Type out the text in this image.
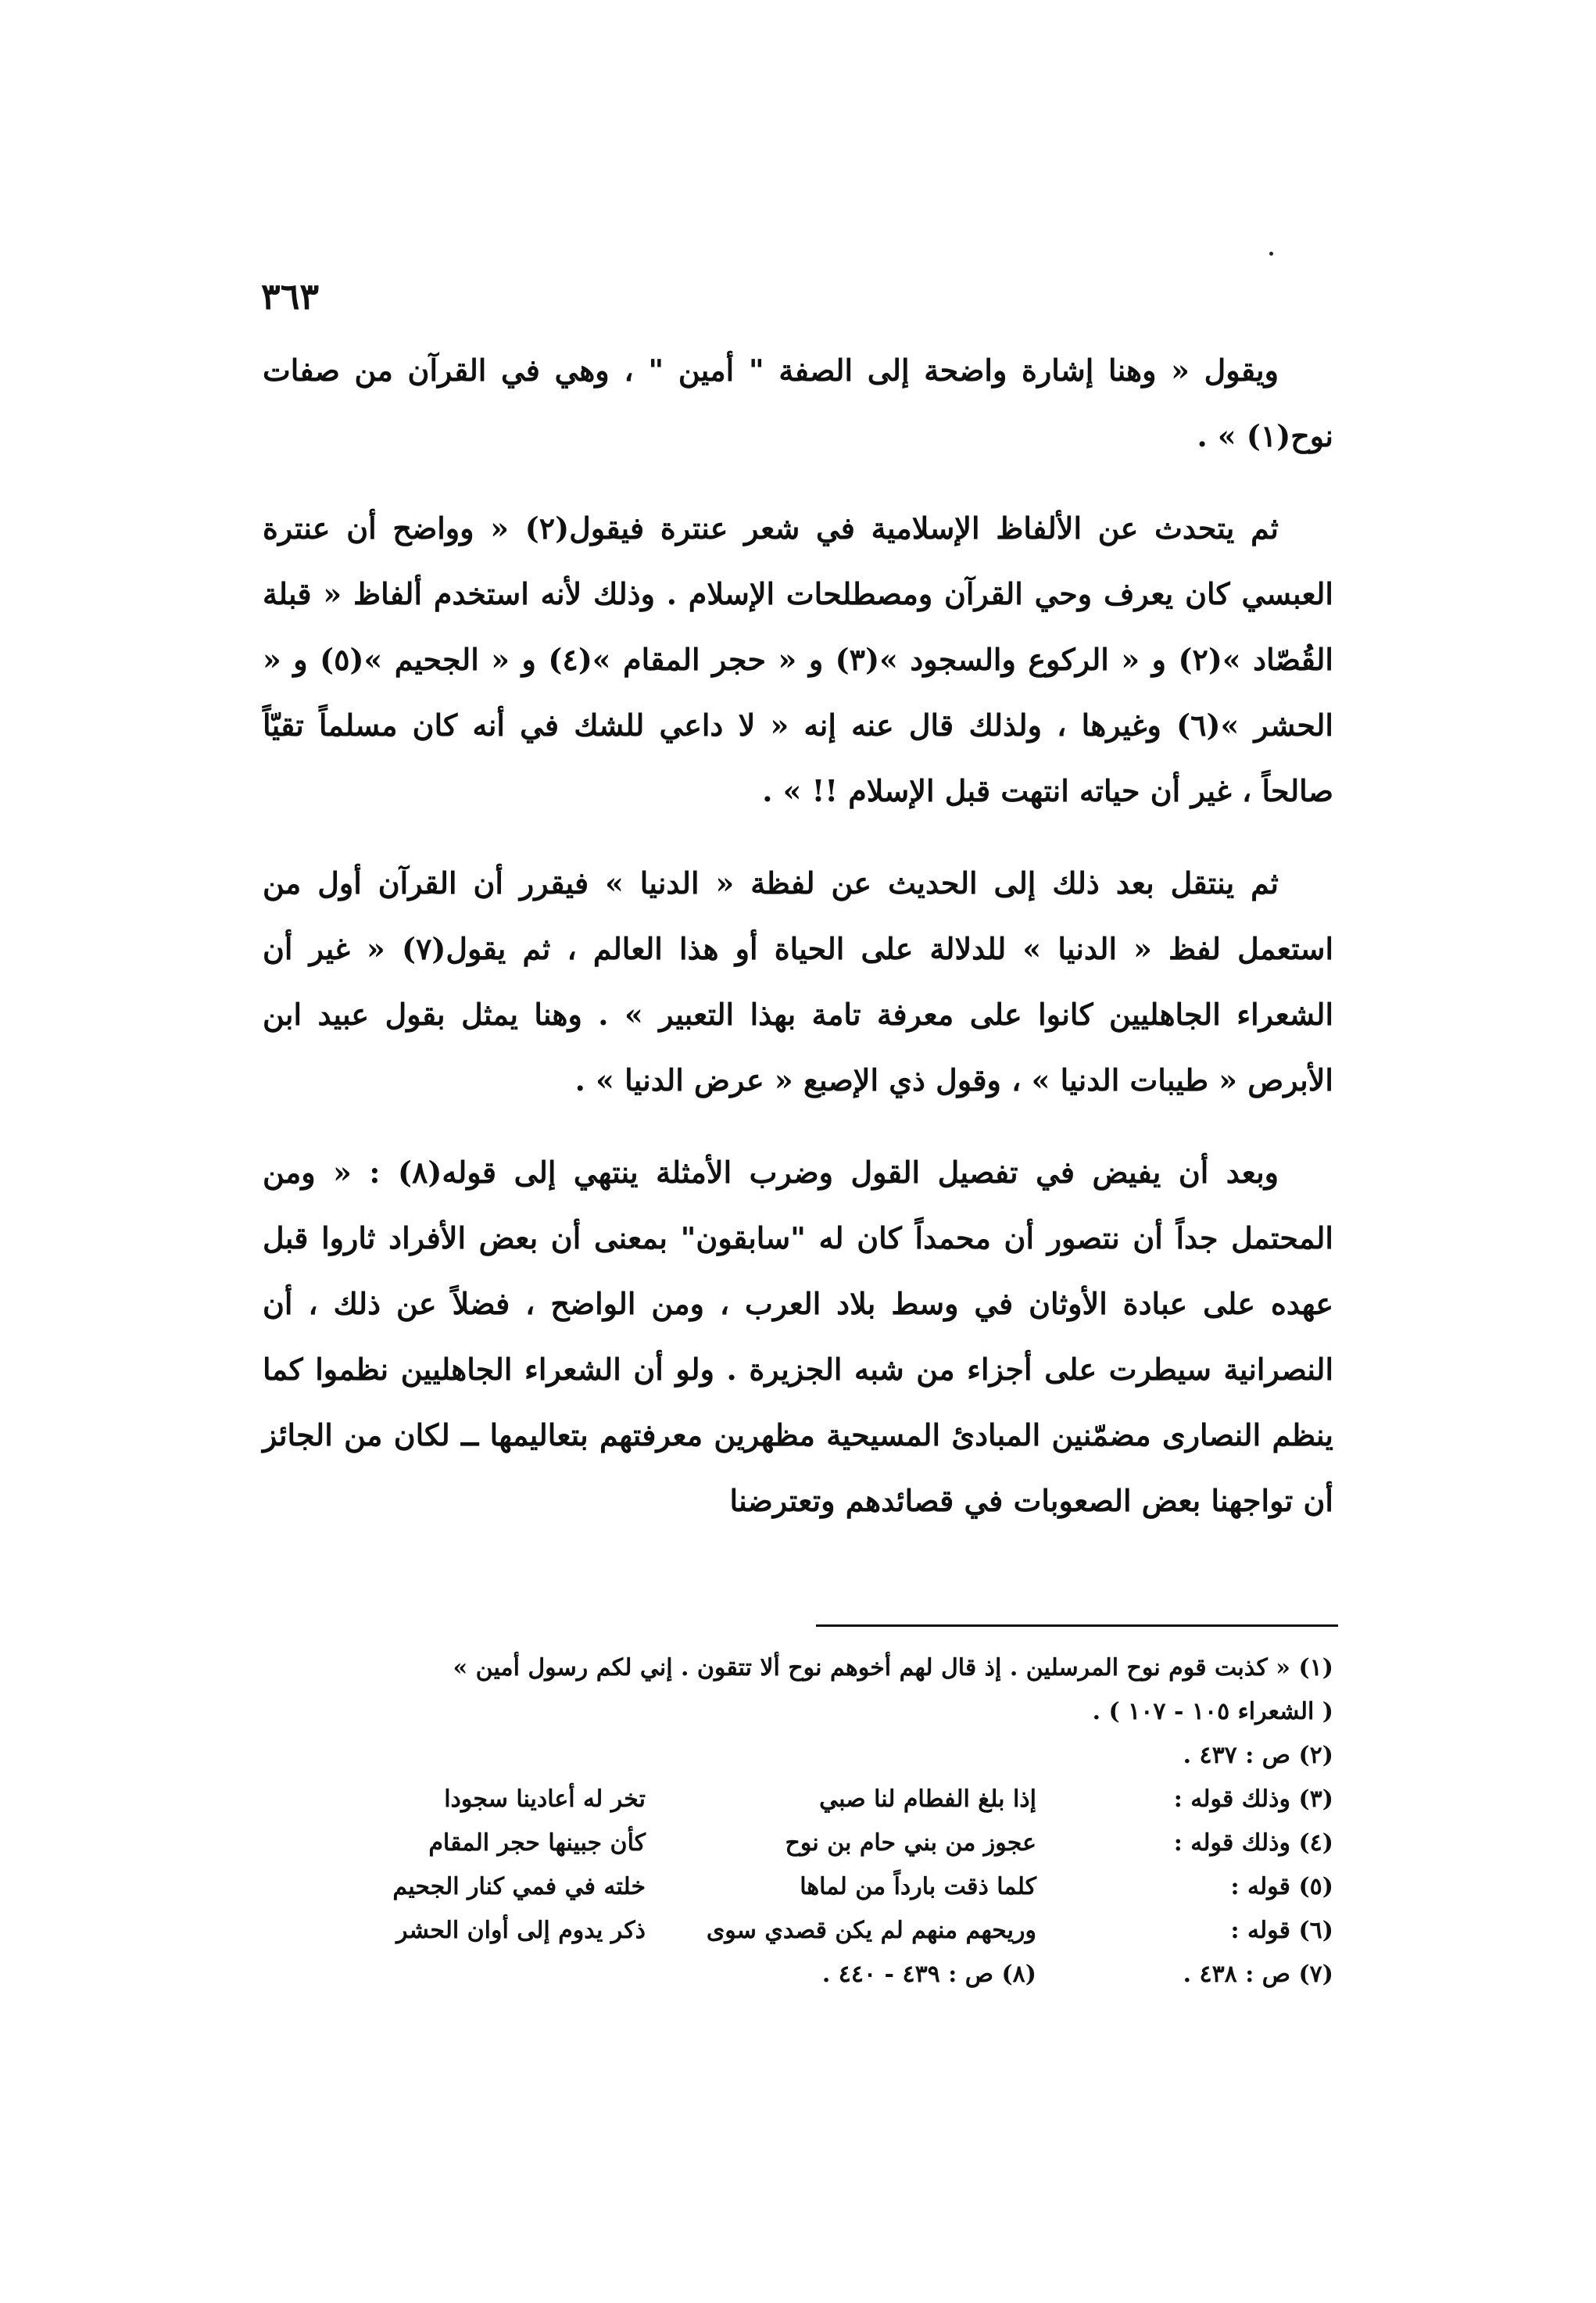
٣٦٣

ويقول « وهنا إشارة واضحة إلى الصفة " أمين " ، وهي في القرآن من صفات نوح(١) » .

ثم يتحدث عن الألفاظ الإسلامية في شعر عنترة فيقول(٢) « وواضح أن عنترة العبسي كان يعرف وحي القرآن ومصطلحات الإسلام . وذلك لأنه استخدم ألفاظ « قبلة القُصّاد »(٢) و « الركوع والسجود »(٣) و « حجر المقام »(٤) و « الجحيم »(٥) و « الحشر »(٦) وغيرها ، ولذلك قال عنه إنه « لا داعي للشك في أنه كان مسلماً تقيّاً صالحاً ، غير أن حياته انتهت قبل الإسلام !! » .

ثم ينتقل بعد ذلك إلى الحديث عن لفظة « الدنيا » فيقرر أن القرآن أول من استعمل لفظ « الدنيا » للدلالة على الحياة أو هذا العالم ، ثم يقول(٧) « غير أن الشعراء الجاهليين كانوا على معرفة تامة بهذا التعبير » . وهنا يمثل بقول عبيد ابن الأبرص « طيبات الدنيا » ، وقول ذي الإصبع « عرض الدنيا » .

وبعد أن يفيض في تفصيل القول وضرب الأمثلة ينتهي إلى قوله(٨) : « ومن المحتمل جداً أن نتصور أن محمداً كان له "سابقون" بمعنى أن بعض الأفراد ثاروا قبل عهده على عبادة الأوثان في وسط بلاد العرب ، ومن الواضح ، فضلاً عن ذلك ، أن النصرانية سيطرت على أجزاء من شبه الجزيرة . ولو أن الشعراء الجاهليين نظموا كما ينظم النصارى مضمّنين المبادئ المسيحية مظهرين معرفتهم بتعاليمها ــ لكان من الجائز أن تواجهنا بعض الصعوبات في قصائدهم وتعترضنا

(١) « كذبت قوم نوح المرسلين . إذ قال لهم أخوهم نوح ألا تتقون . إني لكم رسول أمين »

( الشعراء ١٠٥ - ١٠٧ ) .

(٢) ص : ٤٣٧ .

(٣) وذلك قوله :
إذا بلغ الفطام لنا صبي
تخر له أعادينا سجودا
(٤) وذلك قوله :
عجوز من بني حام بن نوح
كأن جبينها حجر المقام
(٥) قوله :
كلما ذقت بارداً من لماها
خلته في فمي كنار الجحيم
(٦) قوله :
وريحهم منهم لم يكن قصدي سوى
ذكر يدوم إلى أوان الحشر
(٧) ص : ٤٣٨ .
(٨) ص : ٤٣٩ - ٤٤٠ .
